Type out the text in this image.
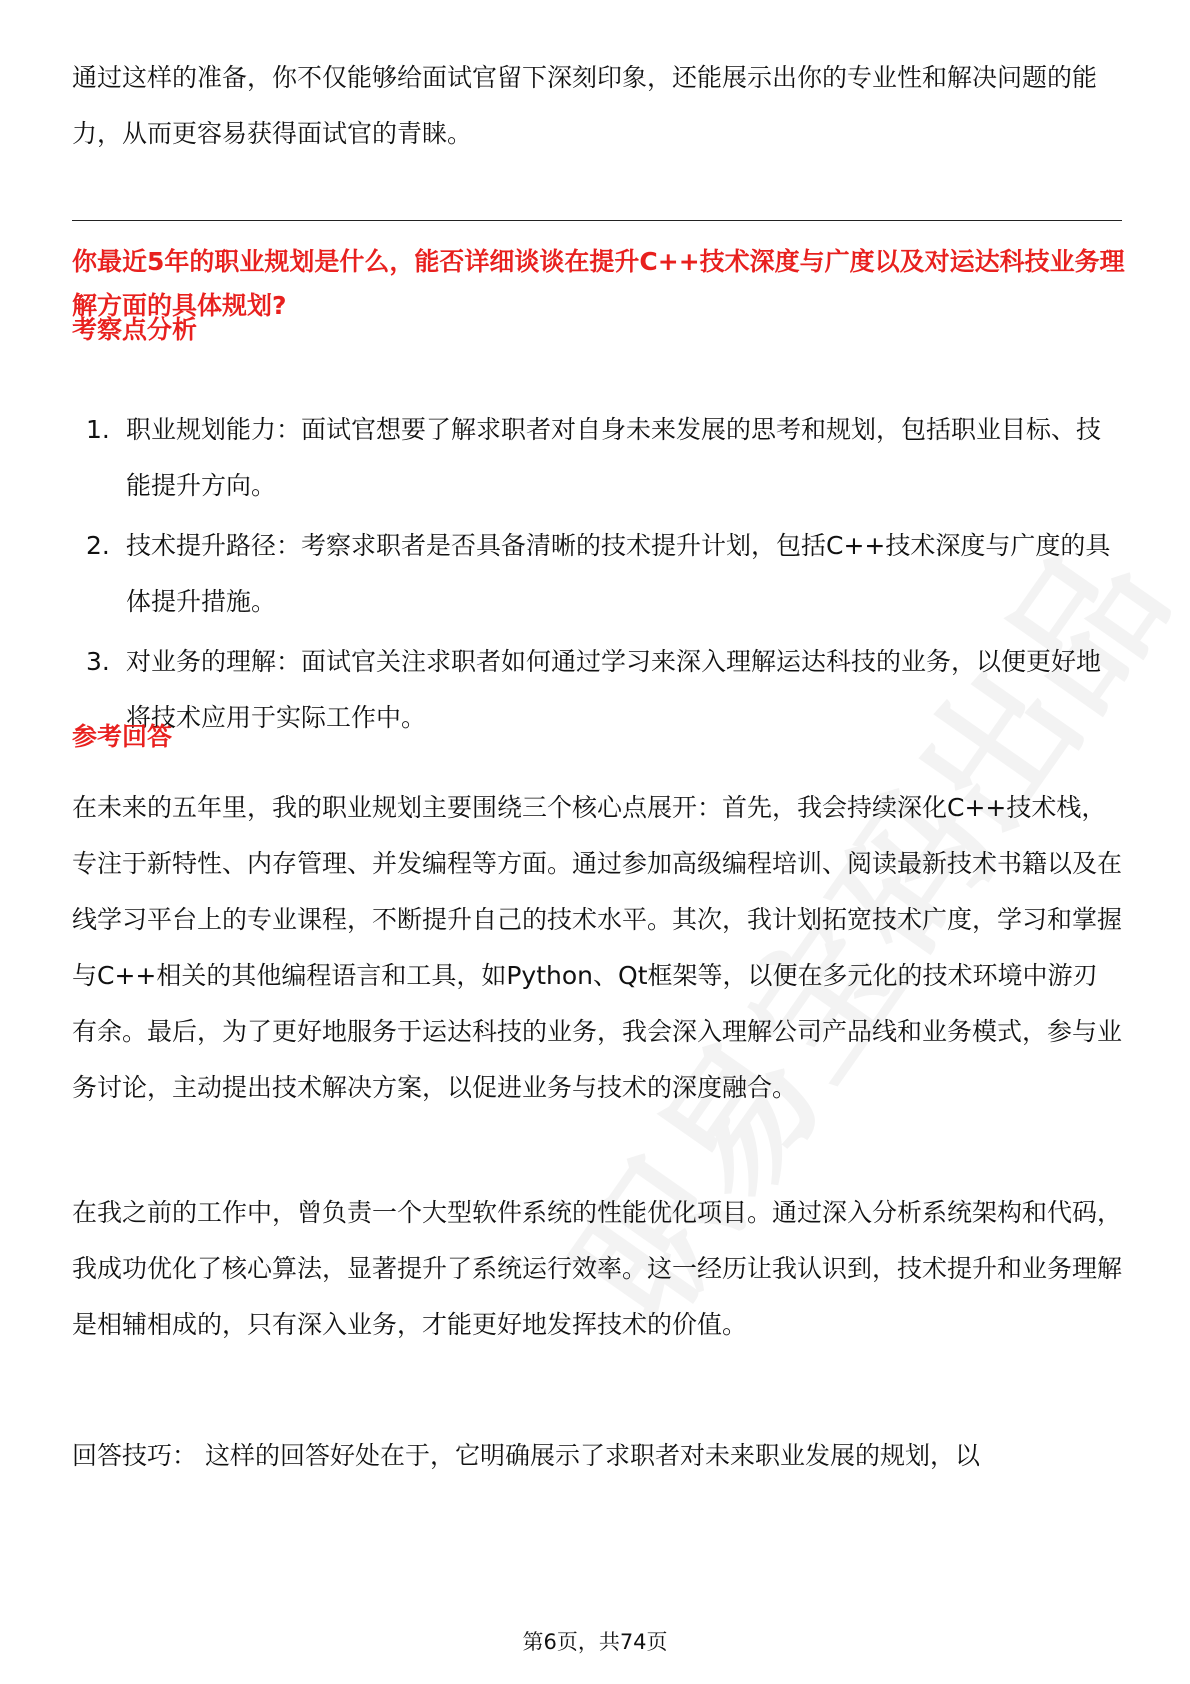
通过这样的准备，你不仅能够给面试官留下深刻印象，还能展示出你的专业性和解决问题的能力，从而更容易获得面试官的青睐。

你最近5年的职业规划是什么，能否详细谈谈在提升C++技术深度与广度以及对运达科技业务理解方面的具体规划?

考察点分析

1. 职业规划能力：面试官想要了解求职者对自身未来发展的思考和规划，包括职业目标、技能提升方向。
2. 技术提升路径：考察求职者是否具备清晰的技术提升计划，包括C++技术深度与广度的具体提升措施。
3. 对业务的理解：面试官关注求职者如何通过学习来深入理解运达科技的业务，以便更好地将技术应用于实际工作中。

参考回答

在未来的五年里，我的职业规划主要围绕三个核心点展开：首先，我会持续深化C++技术栈，专注于新特性、内存管理、并发编程等方面。通过参加高级编程培训、阅读最新技术书籍以及在线学习平台上的专业课程，不断提升自己的技术水平。其次，我计划拓宽技术广度，学习和掌握与C++相关的其他编程语言和工具，如Python、Qt框架等，以便在多元化的技术环境中游刃有余。最后，为了更好地服务于运达科技的业务，我会深入理解公司产品线和业务模式，参与业务讨论，主动提出技术解决方案，以促进业务与技术的深度融合。

在我之前的工作中，曾负责一个大型软件系统的性能优化项目。通过深入分析系统架构和代码，我成功优化了核心算法，显著提升了系统运行效率。这一经历让我认识到，技术提升和业务理解是相辅相成的，只有深入业务，才能更好地发挥技术的价值。

回答技巧： 这样的回答好处在于，它明确展示了求职者对未来职业发展的规划，以

第6页，共74页
